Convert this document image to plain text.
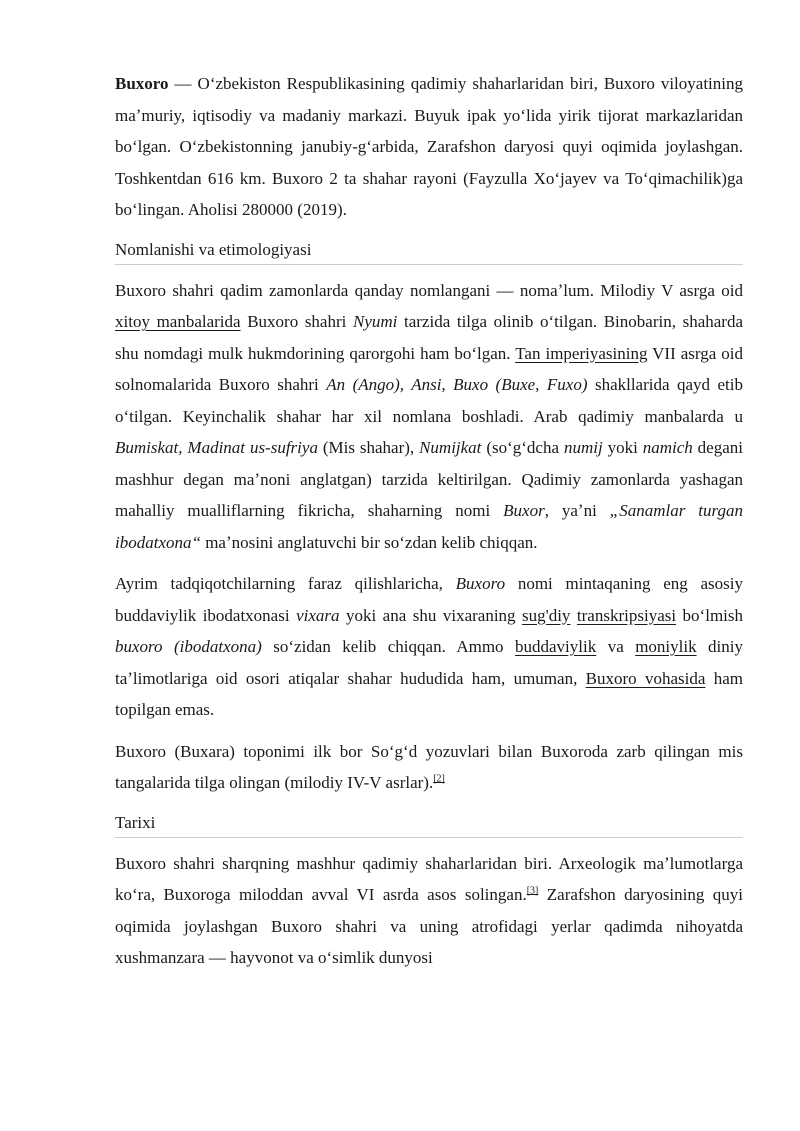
Buxoro — O‘zbekiston Respublikasining qadimiy shaharlaridan biri, Buxoro viloyatining maʼmuriy, iqtisodiy va madaniy markazi. Buyuk ipak yo‘lida yirik tijorat markazlaridan bo‘lgan. O‘zbekistonning janubiy-g‘arbida, Zarafshon daryosi quyi oqimida joylashgan. Toshkentdan 616 km. Buxoro 2 ta shahar rayoni (Fayzulla Xo‘jayev va To‘qimachilik)ga bo‘lingan. Aholisi 280000 (2019).

Nomlanishi va etimologiyasi

Buxoro shahri qadim zamonlarda qanday nomlangani — nomaʼlum. Milodiy V asrga oid xitoy manbalarida Buxoro shahri Nyumi tarzida tilga olinib o‘tilgan. Binobarin, shaharda shu nomdagi mulk hukmdorining qarorgohi ham bo‘lgan. Tan imperiyasining VII asrga oid solnomalarida Buxoro shahri An (Ango), Ansi, Buxo (Buxe, Fuxo) shakllarida qayd etib o‘tilgan. Keyinchalik shahar har xil nomlana boshladi. Arab qadimiy manbalarda u Bumiskat, Madinat us-sufriya (Mis shahar), Numijkat (so‘g‘dcha numij yoki namich degani mashhur degan maʼnoni anglatgan) tarzida keltirilgan. Qadimiy zamonlarda yashagan mahalliy mualliflarning fikricha, shaharning nomi Buxor, yaʼni „Sanamlar turgan ibodatxona“ maʼnosini anglatuvchi bir so‘zdan kelib chiqqan.

Ayrim tadqiqotchilarning faraz qilishlaricha, Buxoro nomi mintaqaning eng asosiy buddaviylik ibodatxonasi vixara yoki ana shu vixaraning sug'diy transkripsiyasi bo‘lmish buxoro (ibodatxona) so‘zidan kelib chiqqan. Ammo buddaviylik va moniylik diniy taʼlimotlariga oid osori atiqalar shahar hududida ham, umuman, Buxoro vohasida ham topilgan emas.

Buxoro (Buxara) toponimi ilk bor So‘g‘d yozuvlari bilan Buxoroda zarb qilingan mis tangalarida tilga olingan (milodiy IV-V asrlar).[2]

Tarixi

Buxoro shahri sharqning mashhur qadimiy shaharlaridan biri. Arxeologik maʼlumotlarga ko‘ra, Buxoroga miloddan avval VI asrda asos solingan.[3] Zarafshon daryosining quyi oqimida joylashgan Buxoro shahri va uning atrofidagi yerlar qadimda nihoyatda xushmanzara — hayvonot va o‘simlik dunyosi
